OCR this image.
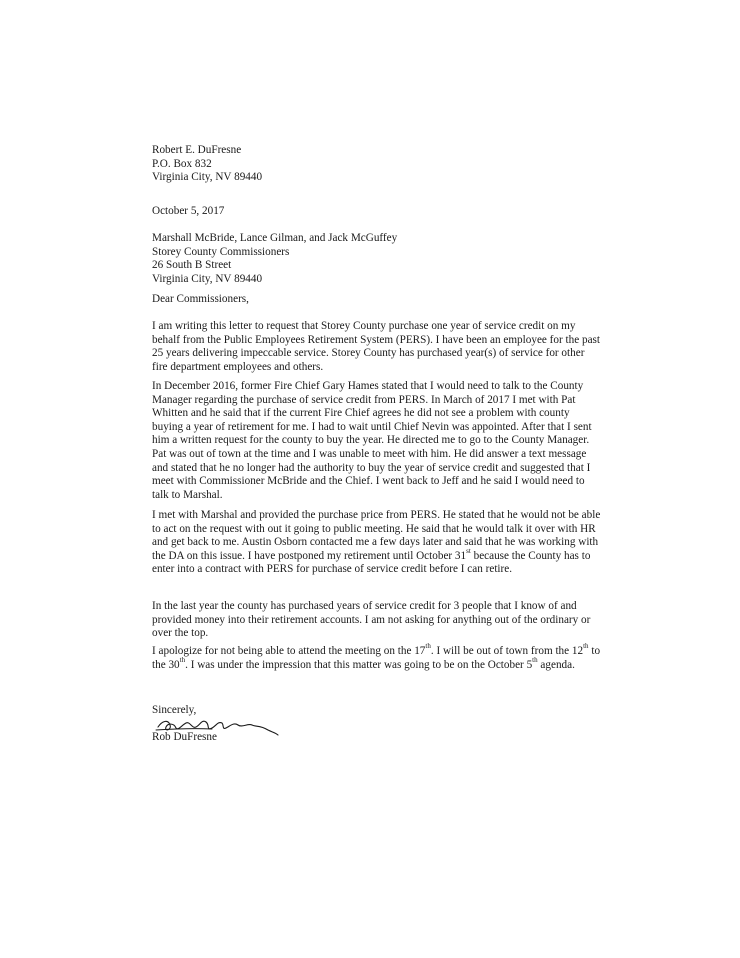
Robert E. DuFresne
P.O. Box 832
Virginia City, NV 89440
October 5, 2017
Marshall McBride, Lance Gilman, and Jack McGuffey
Storey County Commissioners
26 South B Street
Virginia City, NV 89440
Dear Commissioners,
I am writing this letter to request that Storey County purchase one year of service credit on my behalf from the Public Employees Retirement System (PERS). I have been an employee for the past 25 years delivering impeccable service. Storey County has purchased year(s) of service for other fire department employees and others.
In December 2016, former Fire Chief Gary Hames stated that I would need to talk to the County Manager regarding the purchase of service credit from PERS. In March of 2017 I met with Pat Whitten and he said that if the current Fire Chief agrees he did not see a problem with county buying a year of retirement for me. I had to wait until Chief Nevin was appointed. After that I sent him a written request for the county to buy the year. He directed me to go to the County Manager. Pat was out of town at the time and I was unable to meet with him. He did answer a text message and stated that he no longer had the authority to buy the year of service credit and suggested that I meet with Commissioner McBride and the Chief. I went back to Jeff and he said I would need to talk to Marshal.
I met with Marshal and provided the purchase price from PERS. He stated that he would not be able to act on the request with out it going to public meeting. He said that he would talk it over with HR and get back to me. Austin Osborn contacted me a few days later and said that he was working with the DA on this issue. I have postponed my retirement until October 31st because the County has to enter into a contract with PERS for purchase of service credit before I can retire.
In the last year the county has purchased years of service credit for 3 people that I know of and provided money into their retirement accounts. I am not asking for anything out of the ordinary or over the top.
I apologize for not being able to attend the meeting on the 17th. I will be out of town from the 12th to the 30th. I was under the impression that this matter was going to be on the October 5th agenda.
Sincerely,
Rob DuFresne
